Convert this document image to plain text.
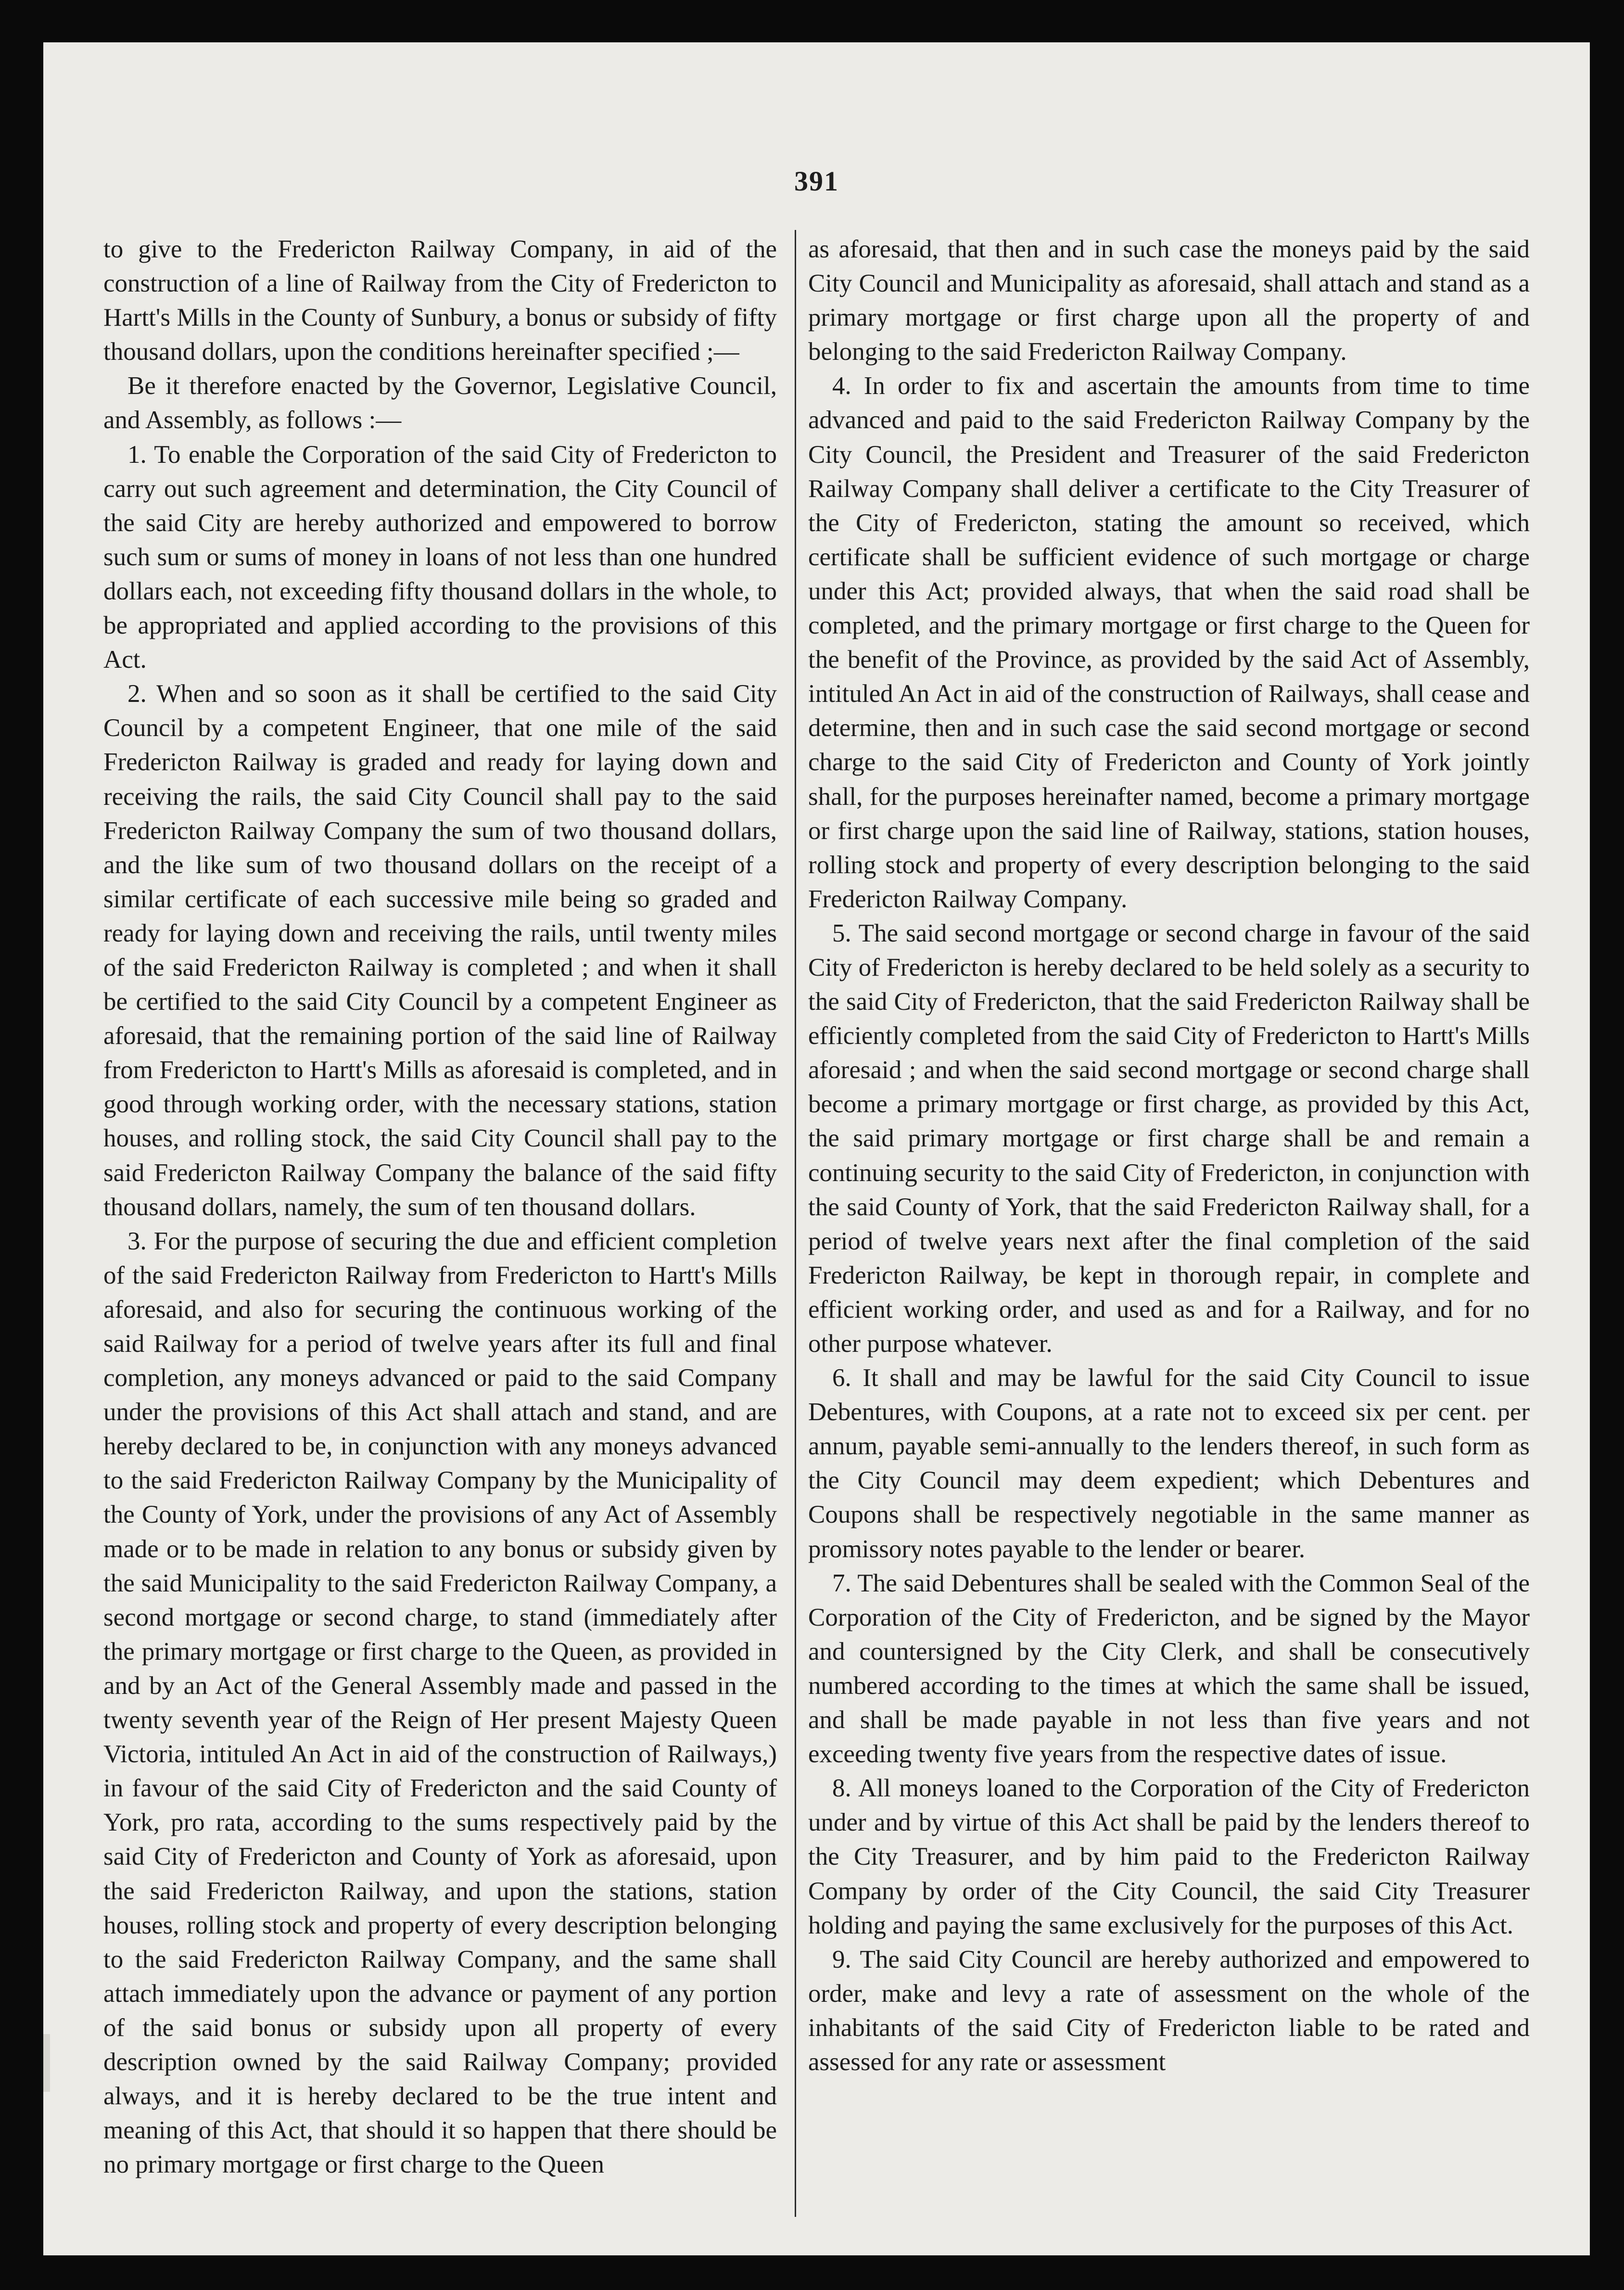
391

to give to the Fredericton Railway Company, in aid of the construction of a line of Railway from the City of Fredericton to Hartt's Mills in the County of Sunbury, a bonus or subsidy of fifty thousand dollars, upon the conditions hereinafter specified ;—

Be it therefore enacted by the Governor, Legislative Council, and Assembly, as follows :—

1. To enable the Corporation of the said City of Fredericton to carry out such agreement and determination, the City Council of the said City are hereby authorized and empowered to borrow such sum or sums of money in loans of not less than one hundred dollars each, not exceeding fifty thousand dollars in the whole, to be appropriated and applied according to the provisions of this Act.

2. When and so soon as it shall be certified to the said City Council by a competent Engineer, that one mile of the said Fredericton Railway is graded and ready for laying down and receiving the rails, the said City Council shall pay to the said Fredericton Railway Company the sum of two thousand dollars, and the like sum of two thousand dollars on the receipt of a similar certificate of each successive mile being so graded and ready for laying down and receiving the rails, until twenty miles of the said Fredericton Railway is completed ; and when it shall be certified to the said City Council by a competent Engineer as aforesaid, that the remaining portion of the said line of Railway from Fredericton to Hartt's Mills as aforesaid is completed, and in good through working order, with the necessary stations, station houses, and rolling stock, the said City Council shall pay to the said Fredericton Railway Company the balance of the said fifty thousand dollars, namely, the sum of ten thousand dollars.

3. For the purpose of securing the due and efficient completion of the said Fredericton Railway from Fredericton to Hartt's Mills aforesaid, and also for securing the continuous working of the said Railway for a period of twelve years after its full and final completion, any moneys advanced or paid to the said Company under the provisions of this Act shall attach and stand, and are hereby declared to be, in conjunction with any moneys advanced to the said Fredericton Railway Company by the Municipality of the County of York, under the provisions of any Act of Assembly made or to be made in relation to any bonus or subsidy given by the said Municipality to the said Fredericton Railway Company, a second mortgage or second charge, to stand (immediately after the primary mortgage or first charge to the Queen, as provided in and by an Act of the General Assembly made and passed in the twenty seventh year of the Reign of Her present Majesty Queen Victoria, intituled An Act in aid of the construction of Railways,) in favour of the said City of Fredericton and the said County of York, pro rata, according to the sums respectively paid by the said City of Fredericton and County of York as aforesaid, upon the said Fredericton Railway, and upon the stations, station houses, rolling stock and property of every description belonging to the said Fredericton Railway Company, and the same shall attach immediately upon the advance or payment of any portion of the said bonus or subsidy upon all property of every description owned by the said Railway Company; provided always, and it is hereby declared to be the true intent and meaning of this Act, that should it so happen that there should be no primary mortgage or first charge to the Queen

as aforesaid, that then and in such case the moneys paid by the said City Council and Municipality as aforesaid, shall attach and stand as a primary mortgage or first charge upon all the property of and belonging to the said Fredericton Railway Company.

4. In order to fix and ascertain the amounts from time to time advanced and paid to the said Fredericton Railway Company by the City Council, the President and Treasurer of the said Fredericton Railway Company shall deliver a certificate to the City Treasurer of the City of Fredericton, stating the amount so received, which certificate shall be sufficient evidence of such mortgage or charge under this Act; provided always, that when the said road shall be completed, and the primary mortgage or first charge to the Queen for the benefit of the Province, as provided by the said Act of Assembly, intituled An Act in aid of the construction of Railways, shall cease and determine, then and in such case the said second mortgage or second charge to the said City of Fredericton and County of York jointly shall, for the purposes hereinafter named, become a primary mortgage or first charge upon the said line of Railway, stations, station houses, rolling stock and property of every description belonging to the said Fredericton Railway Company.

5. The said second mortgage or second charge in favour of the said City of Fredericton is hereby declared to be held solely as a security to the said City of Fredericton, that the said Fredericton Railway shall be efficiently completed from the said City of Fredericton to Hartt's Mills aforesaid ; and when the said second mortgage or second charge shall become a primary mortgage or first charge, as provided by this Act, the said primary mortgage or first charge shall be and remain a continuing security to the said City of Fredericton, in conjunction with the said County of York, that the said Fredericton Railway shall, for a period of twelve years next after the final completion of the said Fredericton Railway, be kept in thorough repair, in complete and efficient working order, and used as and for a Railway, and for no other purpose whatever.

6. It shall and may be lawful for the said City Council to issue Debentures, with Coupons, at a rate not to exceed six per cent. per annum, payable semi-annually to the lenders thereof, in such form as the City Council may deem expedient; which Debentures and Coupons shall be respectively negotiable in the same manner as promissory notes payable to the lender or bearer.

7. The said Debentures shall be sealed with the Common Seal of the Corporation of the City of Fredericton, and be signed by the Mayor and countersigned by the City Clerk, and shall be consecutively numbered according to the times at which the same shall be issued, and shall be made payable in not less than five years and not exceeding twenty five years from the respective dates of issue.

8. All moneys loaned to the Corporation of the City of Fredericton under and by virtue of this Act shall be paid by the lenders thereof to the City Treasurer, and by him paid to the Fredericton Railway Company by order of the City Council, the said City Treasurer holding and paying the same exclusively for the purposes of this Act.

9. The said City Council are hereby authorized and empowered to order, make and levy a rate of assessment on the whole of the inhabitants of the said City of Fredericton liable to be rated and assessed for any rate or assessment
